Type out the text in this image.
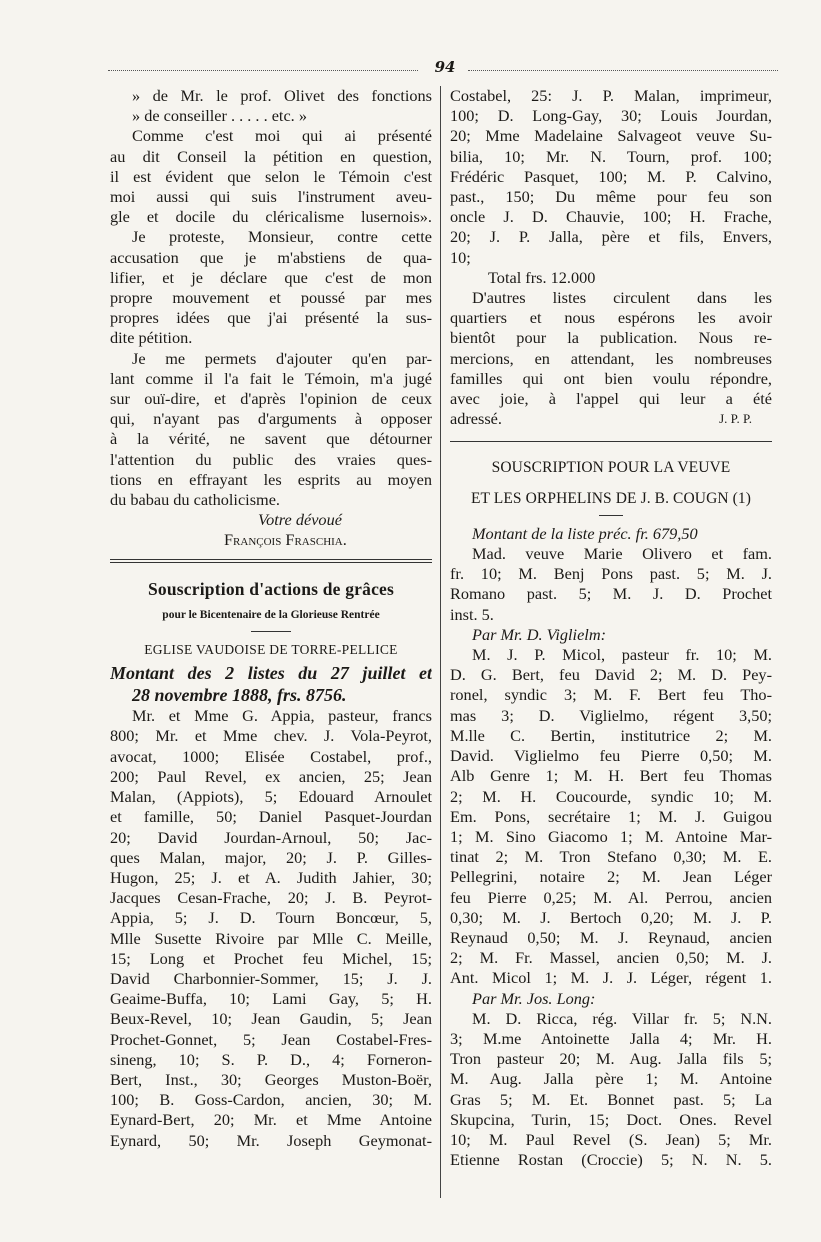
94
» de Mr. le prof. Olivet des fonctions
» de conseiller . . . . . etc. »
Comme c'est moi qui ai présenté
au dit Conseil la pétition en question,
il est évident que selon le Témoin c'est
moi aussi qui suis l'instrument aveu-
gle et docile du cléricalisme lusernois».
Je proteste, Monsieur, contre cette
accusation que je m'abstiens de qua-
lifier, et je déclare que c'est de mon
propre mouvement et poussé par mes
propres idées que j'ai présenté la sus-
dite pétition.
Je me permets d'ajouter qu'en par-
lant comme il l'a fait le Témoin, m'a jugé
sur ouï-dire, et d'après l'opinion de ceux
qui, n'ayant pas d'arguments à opposer
à la vérité, ne savent que détourner
l'attention du public des vraies ques-
tions en effrayant les esprits au moyen
du babau du catholicisme.
Votre dévoué
François Fraschia.
Souscription d'actions de grâces
pour le Bicentenaire de la Glorieuse Rentrée
EGLISE VAUDOISE DE TORRE-PELLICE
Montant des 2 listes du 27 juillet et
28 novembre 1888, frs. 8756.
Mr. et Mme G. Appia, pasteur, francs
800; Mr. et Mme chev. J. Vola-Peyrot,
avocat, 1000; Elisée Costabel, prof.,
200; Paul Revel, ex ancien, 25; Jean
Malan, (Appiots), 5; Edouard Arnoulet
et famille, 50; Daniel Pasquet-Jourdan
20; David Jourdan-Arnoul, 50; Jac-
ques Malan, major, 20; J. P. Gilles-
Hugon, 25; J. et A. Judith Jahier, 30;
Jacques Cesan-Frache, 20; J. B. Peyrot-
Appia, 5; J. D. Tourn Boncœur, 5,
Mlle Susette Rivoire par Mlle C. Meille,
15; Long et Prochet feu Michel, 15;
David Charbonnier-Sommer, 15; J. J.
Geaime-Buffa, 10; Lami Gay, 5; H.
Beux-Revel, 10; Jean Gaudin, 5; Jean
Prochet-Gonnet, 5; Jean Costabel-Fres-
sineng, 10; S. P. D., 4; Forneron-
Bert, Inst., 30; Georges Muston-Boër,
100; B. Goss-Cardon, ancien, 30; M.
Eynard-Bert, 20; Mr. et Mme Antoine
Eynard, 50; Mr. Joseph Geymonat-
Costabel, 25: J. P. Malan, imprimeur,
100; D. Long-Gay, 30; Louis Jourdan,
20; Mme Madelaine Salvageot veuve Su-
bilia, 10; Mr. N. Tourn, prof. 100;
Frédéric Pasquet, 100; M. P. Calvino,
past., 150; Du même pour feu son
oncle J. D. Chauvie, 100; H. Frache,
20; J. P. Jalla, père et fils, Envers,
10;
Total frs. 12.000
D'autres listes circulent dans les
quartiers et nous espérons les avoir
bientôt pour la publication. Nous re-
mercions, en attendant, les nombreuses
familles qui ont bien voulu répondre,
avec joie, à l'appel qui leur a été
adressé.	J. P. P.
SOUSCRIPTION POUR LA VEUVE
ET LES ORPHELINS DE J. B. COUGN (1)
Montant de la liste préc. fr. 679,50
Mad. veuve Marie Olivero et fam.
fr. 10; M. Benj Pons past. 5; M. J.
Romano past. 5; M. J. D. Prochet
inst. 5.
Par Mr. D. Viglielm:
M. J. P. Micol, pasteur fr. 10; M.
D. G. Bert, feu David 2; M. D. Pey-
ronel, syndic 3; M. F. Bert feu Tho-
mas 3; D. Viglielmo, régent 3,50;
M.lle C. Bertin, institutrice 2; M.
David. Viglielmo feu Pierre 0,50; M.
Alb Genre 1; M. H. Bert feu Thomas
2; M. H. Coucourde, syndic 10; M.
Em. Pons, secrétaire 1; M. J. Guigou
1; M. Sino Giacomo 1; M. Antoine Mar-
tinat 2; M. Tron Stefano 0,30; M. E.
Pellegrini, notaire 2; M. Jean Léger
feu Pierre 0,25; M. Al. Perrou, ancien
0,30; M. J. Bertoch 0,20; M. J. P.
Reynaud 0,50; M. J. Reynaud, ancien
2; M. Fr. Massel, ancien 0,50; M. J.
Ant. Micol 1; M. J. J. Léger, régent 1.
Par Mr. Jos. Long:
M. D. Ricca, rég. Villar fr. 5; N.N.
3; M.me Antoinette Jalla 4; Mr. H.
Tron pasteur 20; M. Aug. Jalla fils 5;
M. Aug. Jalla père 1; M. Antoine
Gras 5; M. Et. Bonnet past. 5; La
Skupcina, Turin, 15; Doct. Ones. Revel
10; M. Paul Revel (S. Jean) 5; Mr.
Etienne Rostan (Croccie) 5; N. N. 5.
